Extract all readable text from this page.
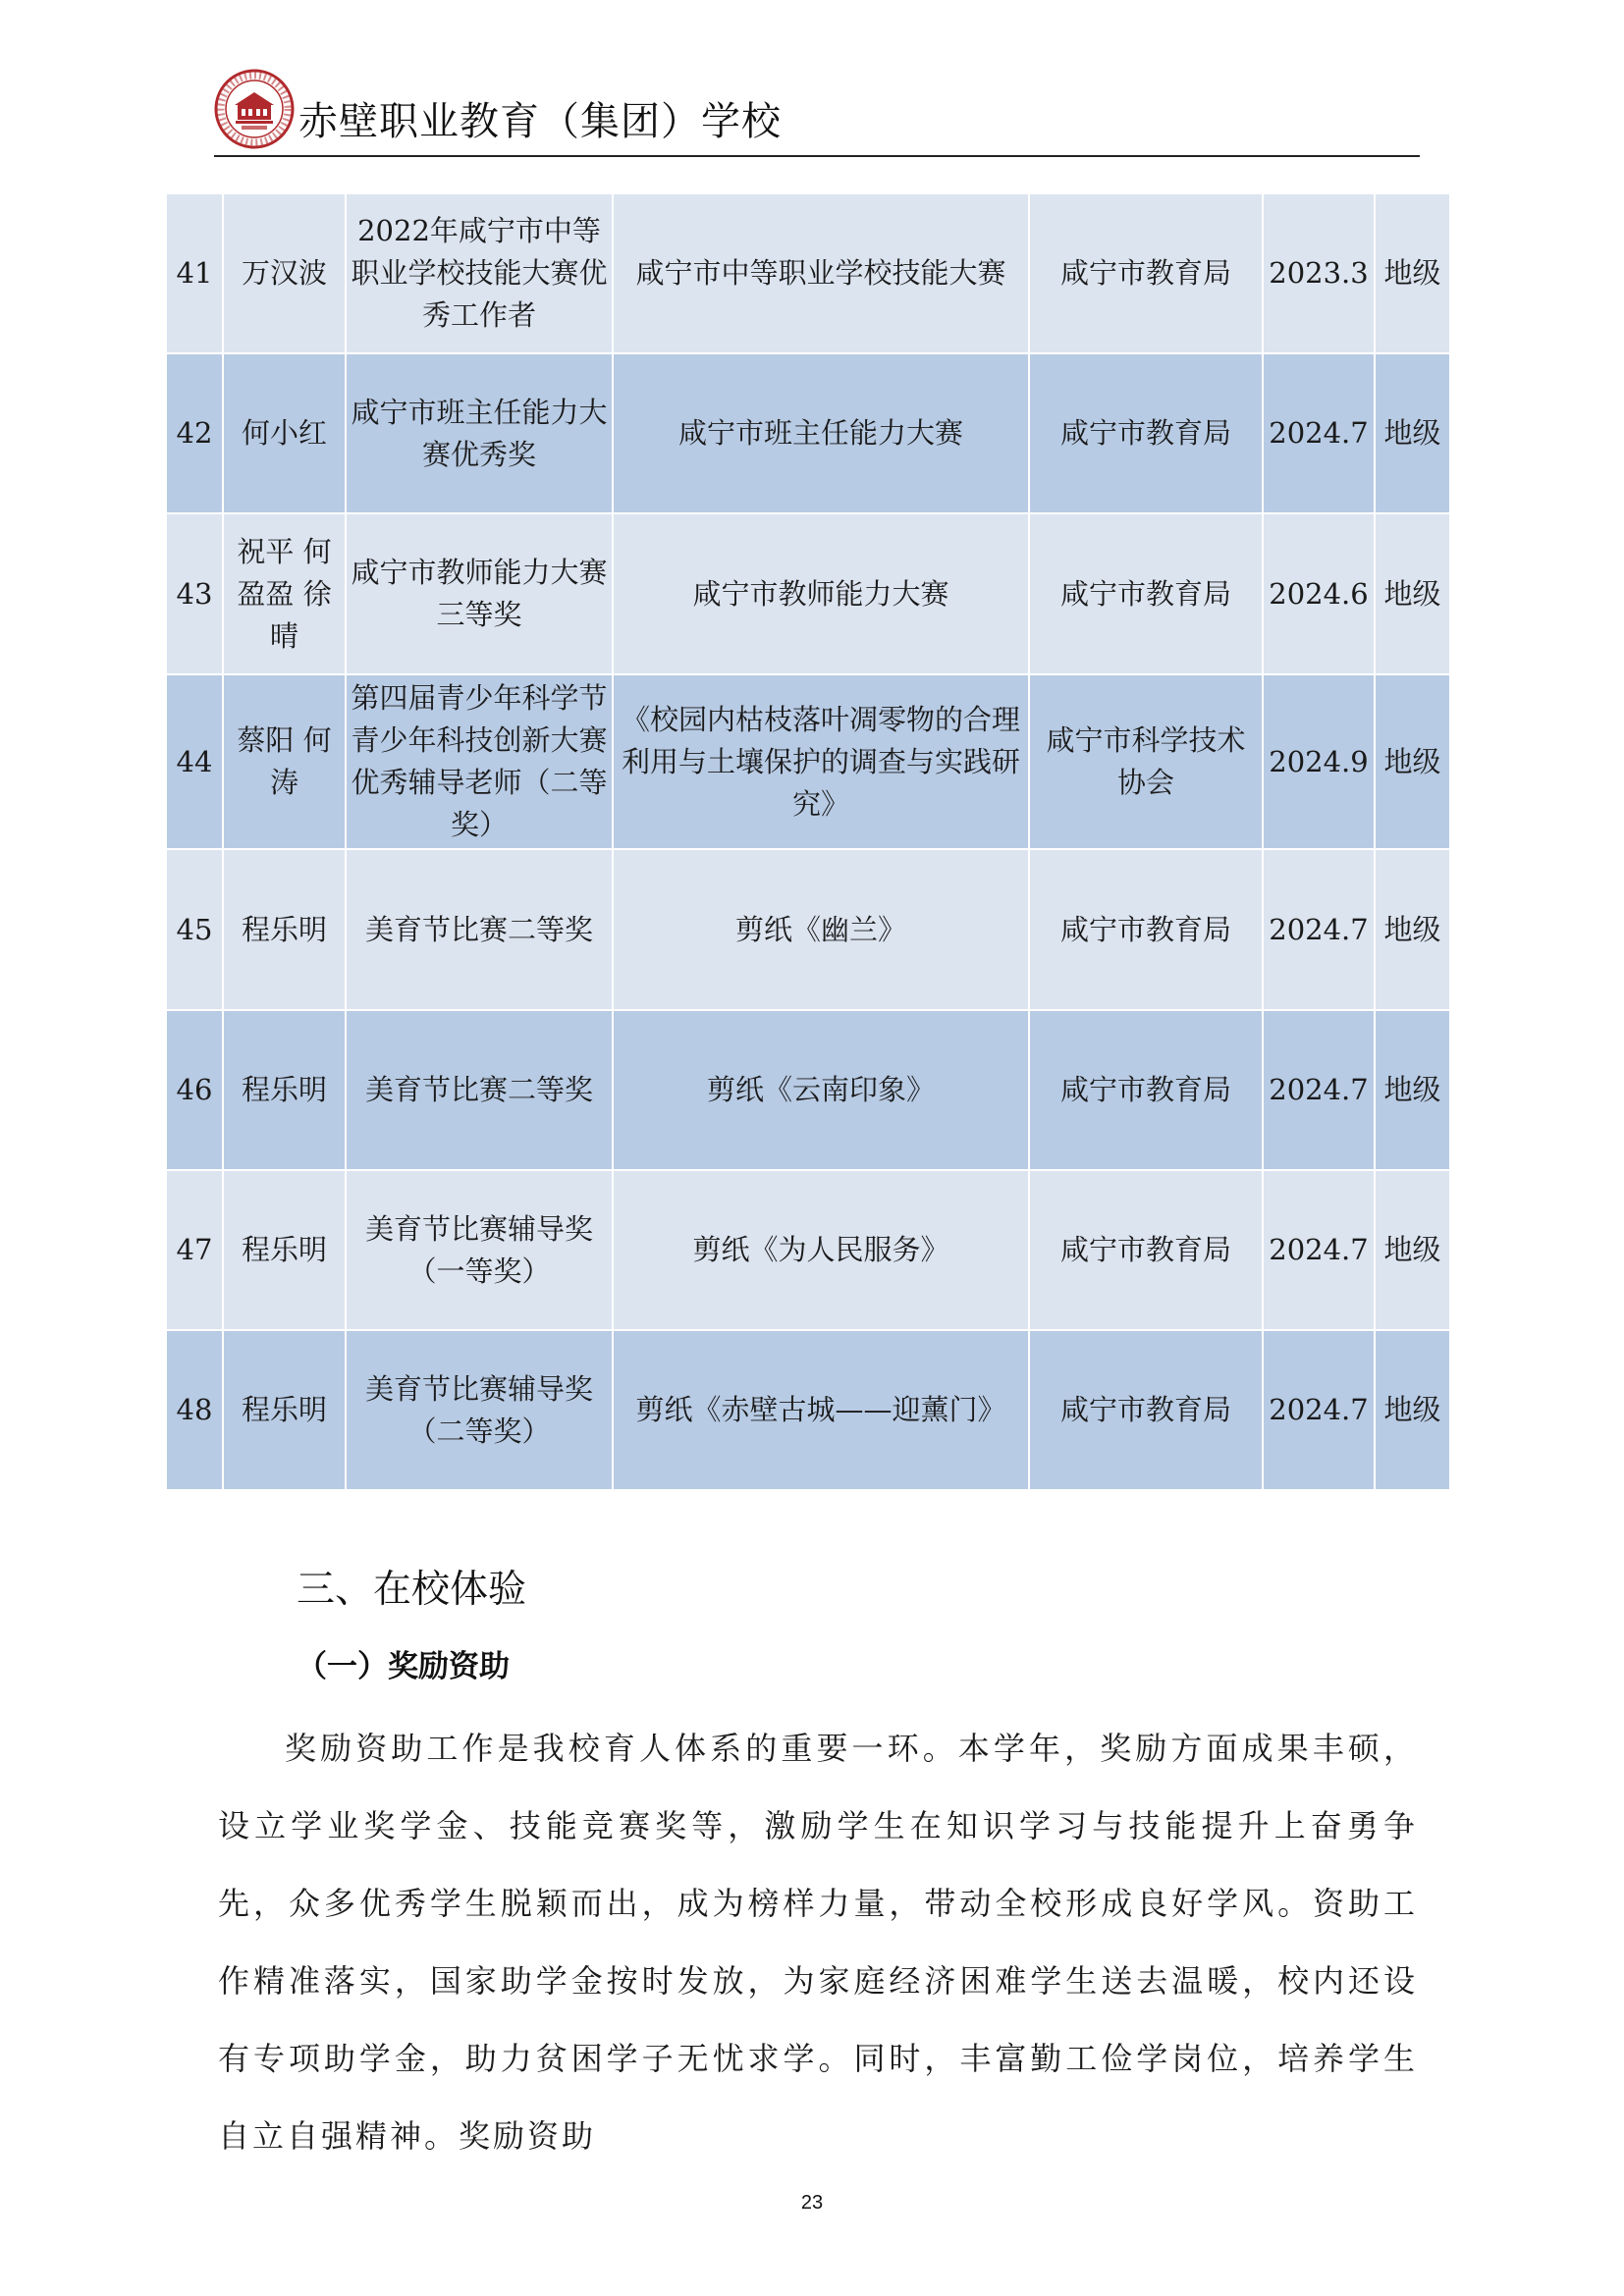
赤壁职业教育（集团）学校
41	万汉波	2022年咸宁市中等职业学校技能大赛优秀工作者	咸宁市中等职业学校技能大赛	咸宁市教育局	2023.3	地级
42	何小红	咸宁市班主任能力大赛优秀奖	咸宁市班主任能力大赛	咸宁市教育局	2024.7	地级
43	祝平 何盈盈 徐晴	咸宁市教师能力大赛三等奖	咸宁市教师能力大赛	咸宁市教育局	2024.6	地级
44	蔡阳 何涛	第四届青少年科学节青少年科技创新大赛优秀辅导老师（二等奖）	《校园内枯枝落叶凋零物的合理利用与土壤保护的调查与实践研究》	咸宁市科学技术协会	2024.9	地级
45	程乐明	美育节比赛二等奖	剪纸《幽兰》	咸宁市教育局	2024.7	地级
46	程乐明	美育节比赛二等奖	剪纸《云南印象》	咸宁市教育局	2024.7	地级
47	程乐明	美育节比赛辅导奖（一等奖）	剪纸《为人民服务》	咸宁市教育局	2024.7	地级
48	程乐明	美育节比赛辅导奖（二等奖）	剪纸《赤壁古城——迎薰门》	咸宁市教育局	2024.7	地级
三、在校体验
（一）奖励资助

奖励资助工作是我校育人体系的重要一环。本学年，奖励方面成果丰硕，设立学业奖学金、技能竞赛奖等，激励学生在知识学习与技能提升上奋勇争先，众多优秀学生脱颖而出，成为榜样力量，带动全校形成良好学风。资助工作精准落实，国家助学金按时发放，为家庭经济困难学生送去温暖，校内还设有专项助学金，助力贫困学子无忧求学。同时，丰富勤工俭学岗位，培养学生自立自强精神。奖励资助

23
